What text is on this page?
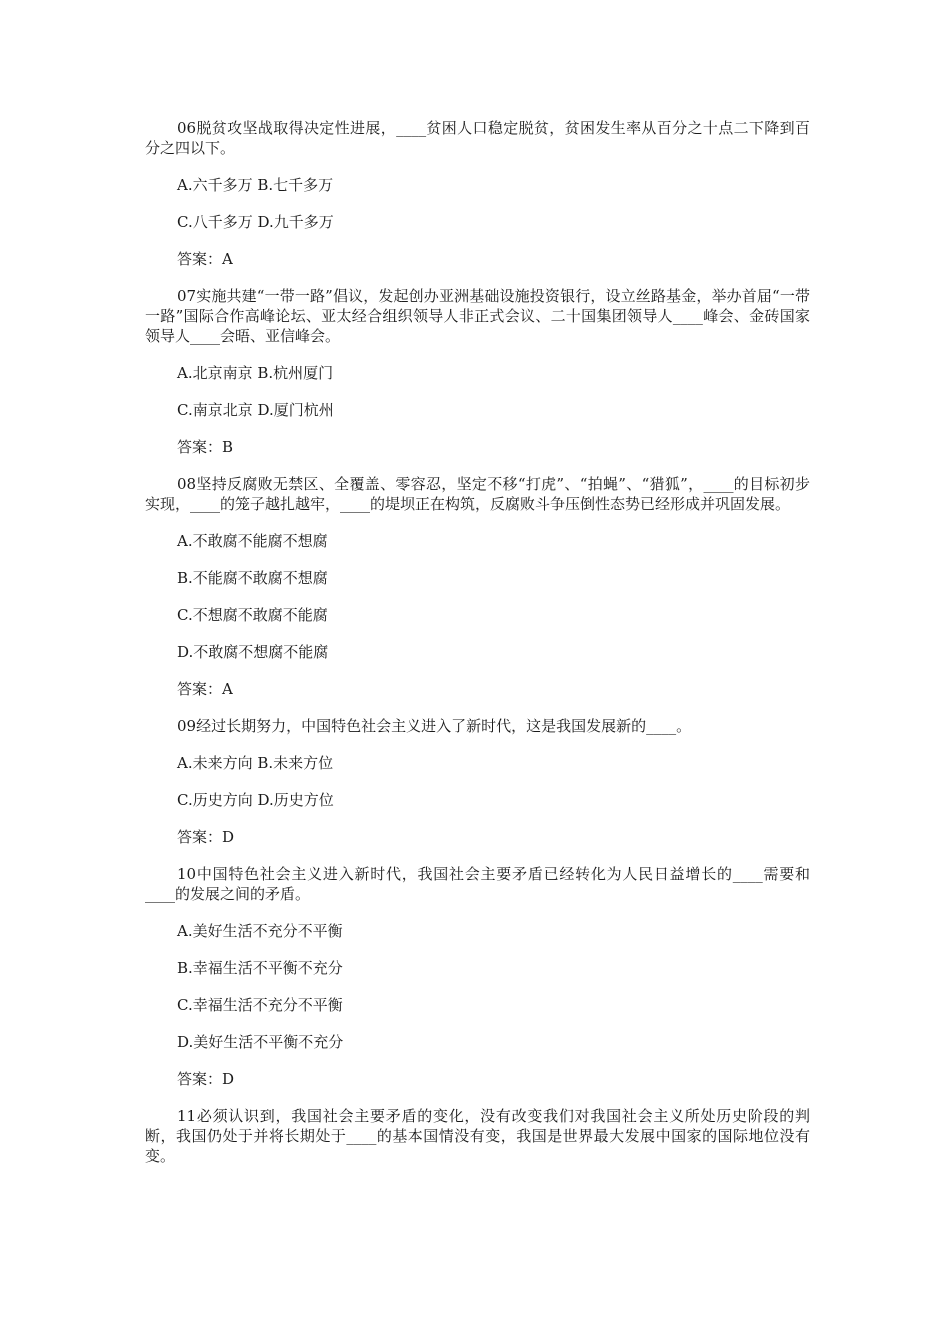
06脱贫攻坚战取得决定性进展，____贫困人口稳定脱贫，贫困发生率从百分之十点二下降到百分之四以下。

A.六千多万 B.七千多万

C.八千多万 D.九千多万

答案：A

07实施共建“一带一路”倡议，发起创办亚洲基础设施投资银行，设立丝路基金，举办首届“一带一路”国际合作高峰论坛、亚太经合组织领导人非正式会议、二十国集团领导人____峰会、金砖国家领导人____会晤、亚信峰会。

A.北京南京 B.杭州厦门

C.南京北京 D.厦门杭州

答案：B

08坚持反腐败无禁区、全覆盖、零容忍，坚定不移“打虎”、“拍蝇”、“猎狐”，____的目标初步实现，____的笼子越扎越牢，____的堤坝正在构筑，反腐败斗争压倒性态势已经形成并巩固发展。

A.不敢腐不能腐不想腐

B.不能腐不敢腐不想腐

C.不想腐不敢腐不能腐

D.不敢腐不想腐不能腐

答案：A

09经过长期努力，中国特色社会主义进入了新时代，这是我国发展新的____。

A.未来方向 B.未来方位

C.历史方向 D.历史方位

答案：D

10中国特色社会主义进入新时代，我国社会主要矛盾已经转化为人民日益增长的____需要和____的发展之间的矛盾。

A.美好生活不充分不平衡

B.幸福生活不平衡不充分

C.幸福生活不充分不平衡

D.美好生活不平衡不充分

答案：D

11必须认识到，我国社会主要矛盾的变化，没有改变我们对我国社会主义所处历史阶段的判断，我国仍处于并将长期处于____的基本国情没有变，我国是世界最大发展中国家的国际地位没有变。
